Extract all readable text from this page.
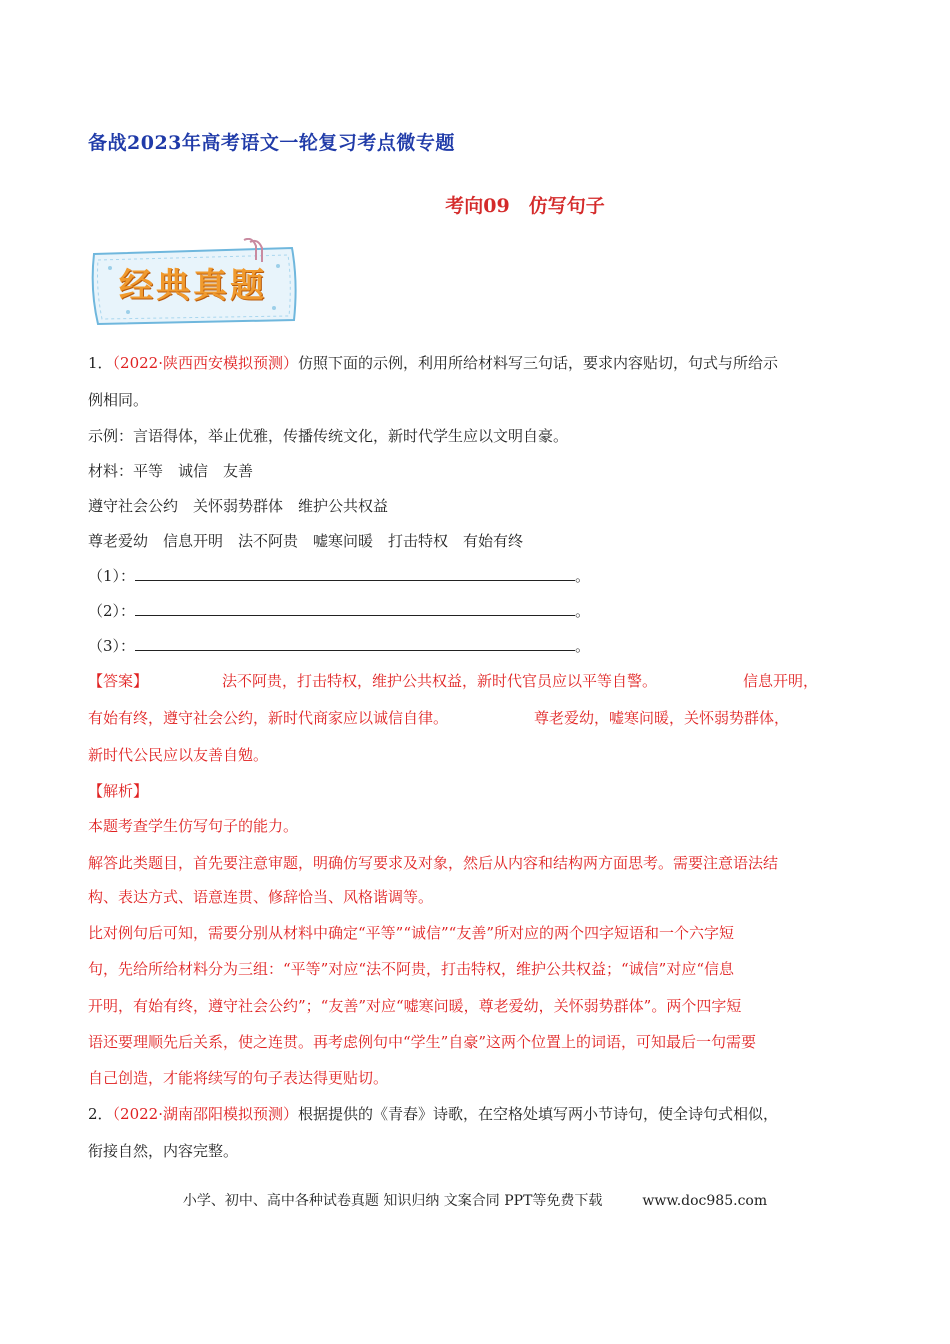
备战2023年高考语文一轮复习考点微专题
考向09　仿写句子
经典真题
1．（2022·陕西西安模拟预测）仿照下面的示例，利用所给材料写三句话，要求内容贴切，句式与所给示
例相同。
示例：言语得体，举止优雅，传播传统文化，新时代学生应以文明自豪。
材料：平等　诚信　友善
遵守社会公约　关怀弱势群体　维护公共权益
尊老爱幼　信息开明　法不阿贵　嘘寒问暖　打击特权　有始有终
（1）：	。
（2）：	。
（3）：	。
【答案】	法不阿贵，打击特权，维护公共权益，新时代官员应以平等自警。	信息开明，
有始有终，遵守社会公约，新时代商家应以诚信自律。	尊老爱幼，嘘寒问暖，关怀弱势群体，
新时代公民应以友善自勉。
【解析】
本题考查学生仿写句子的能力。
解答此类题目，首先要注意审题，明确仿写要求及对象，然后从内容和结构两方面思考。需要注意语法结
构、表达方式、语意连贯、修辞恰当、风格谐调等。
比对例句后可知，需要分别从材料中确定“平等”“诚信”“友善”所对应的两个四字短语和一个六字短
句，先给所给材料分为三组：“平等”对应“法不阿贵，打击特权，维护公共权益；“诚信”对应“信息
开明，有始有终，遵守社会公约”；“友善”对应“嘘寒问暖，尊老爱幼，关怀弱势群体”。两个四字短
语还要理顺先后关系，使之连贯。再考虑例句中“学生”自豪”这两个位置上的词语，可知最后一句需要
自己创造，才能将续写的句子表达得更贴切。
2．（2022·湖南邵阳模拟预测）根据提供的《青春》诗歌，在空格处填写两小节诗句，使全诗句式相似，
衔接自然，内容完整。
小学、初中、高中各种试卷真题 知识归纳 文案合同 PPT等免费下载	www.doc985.com
